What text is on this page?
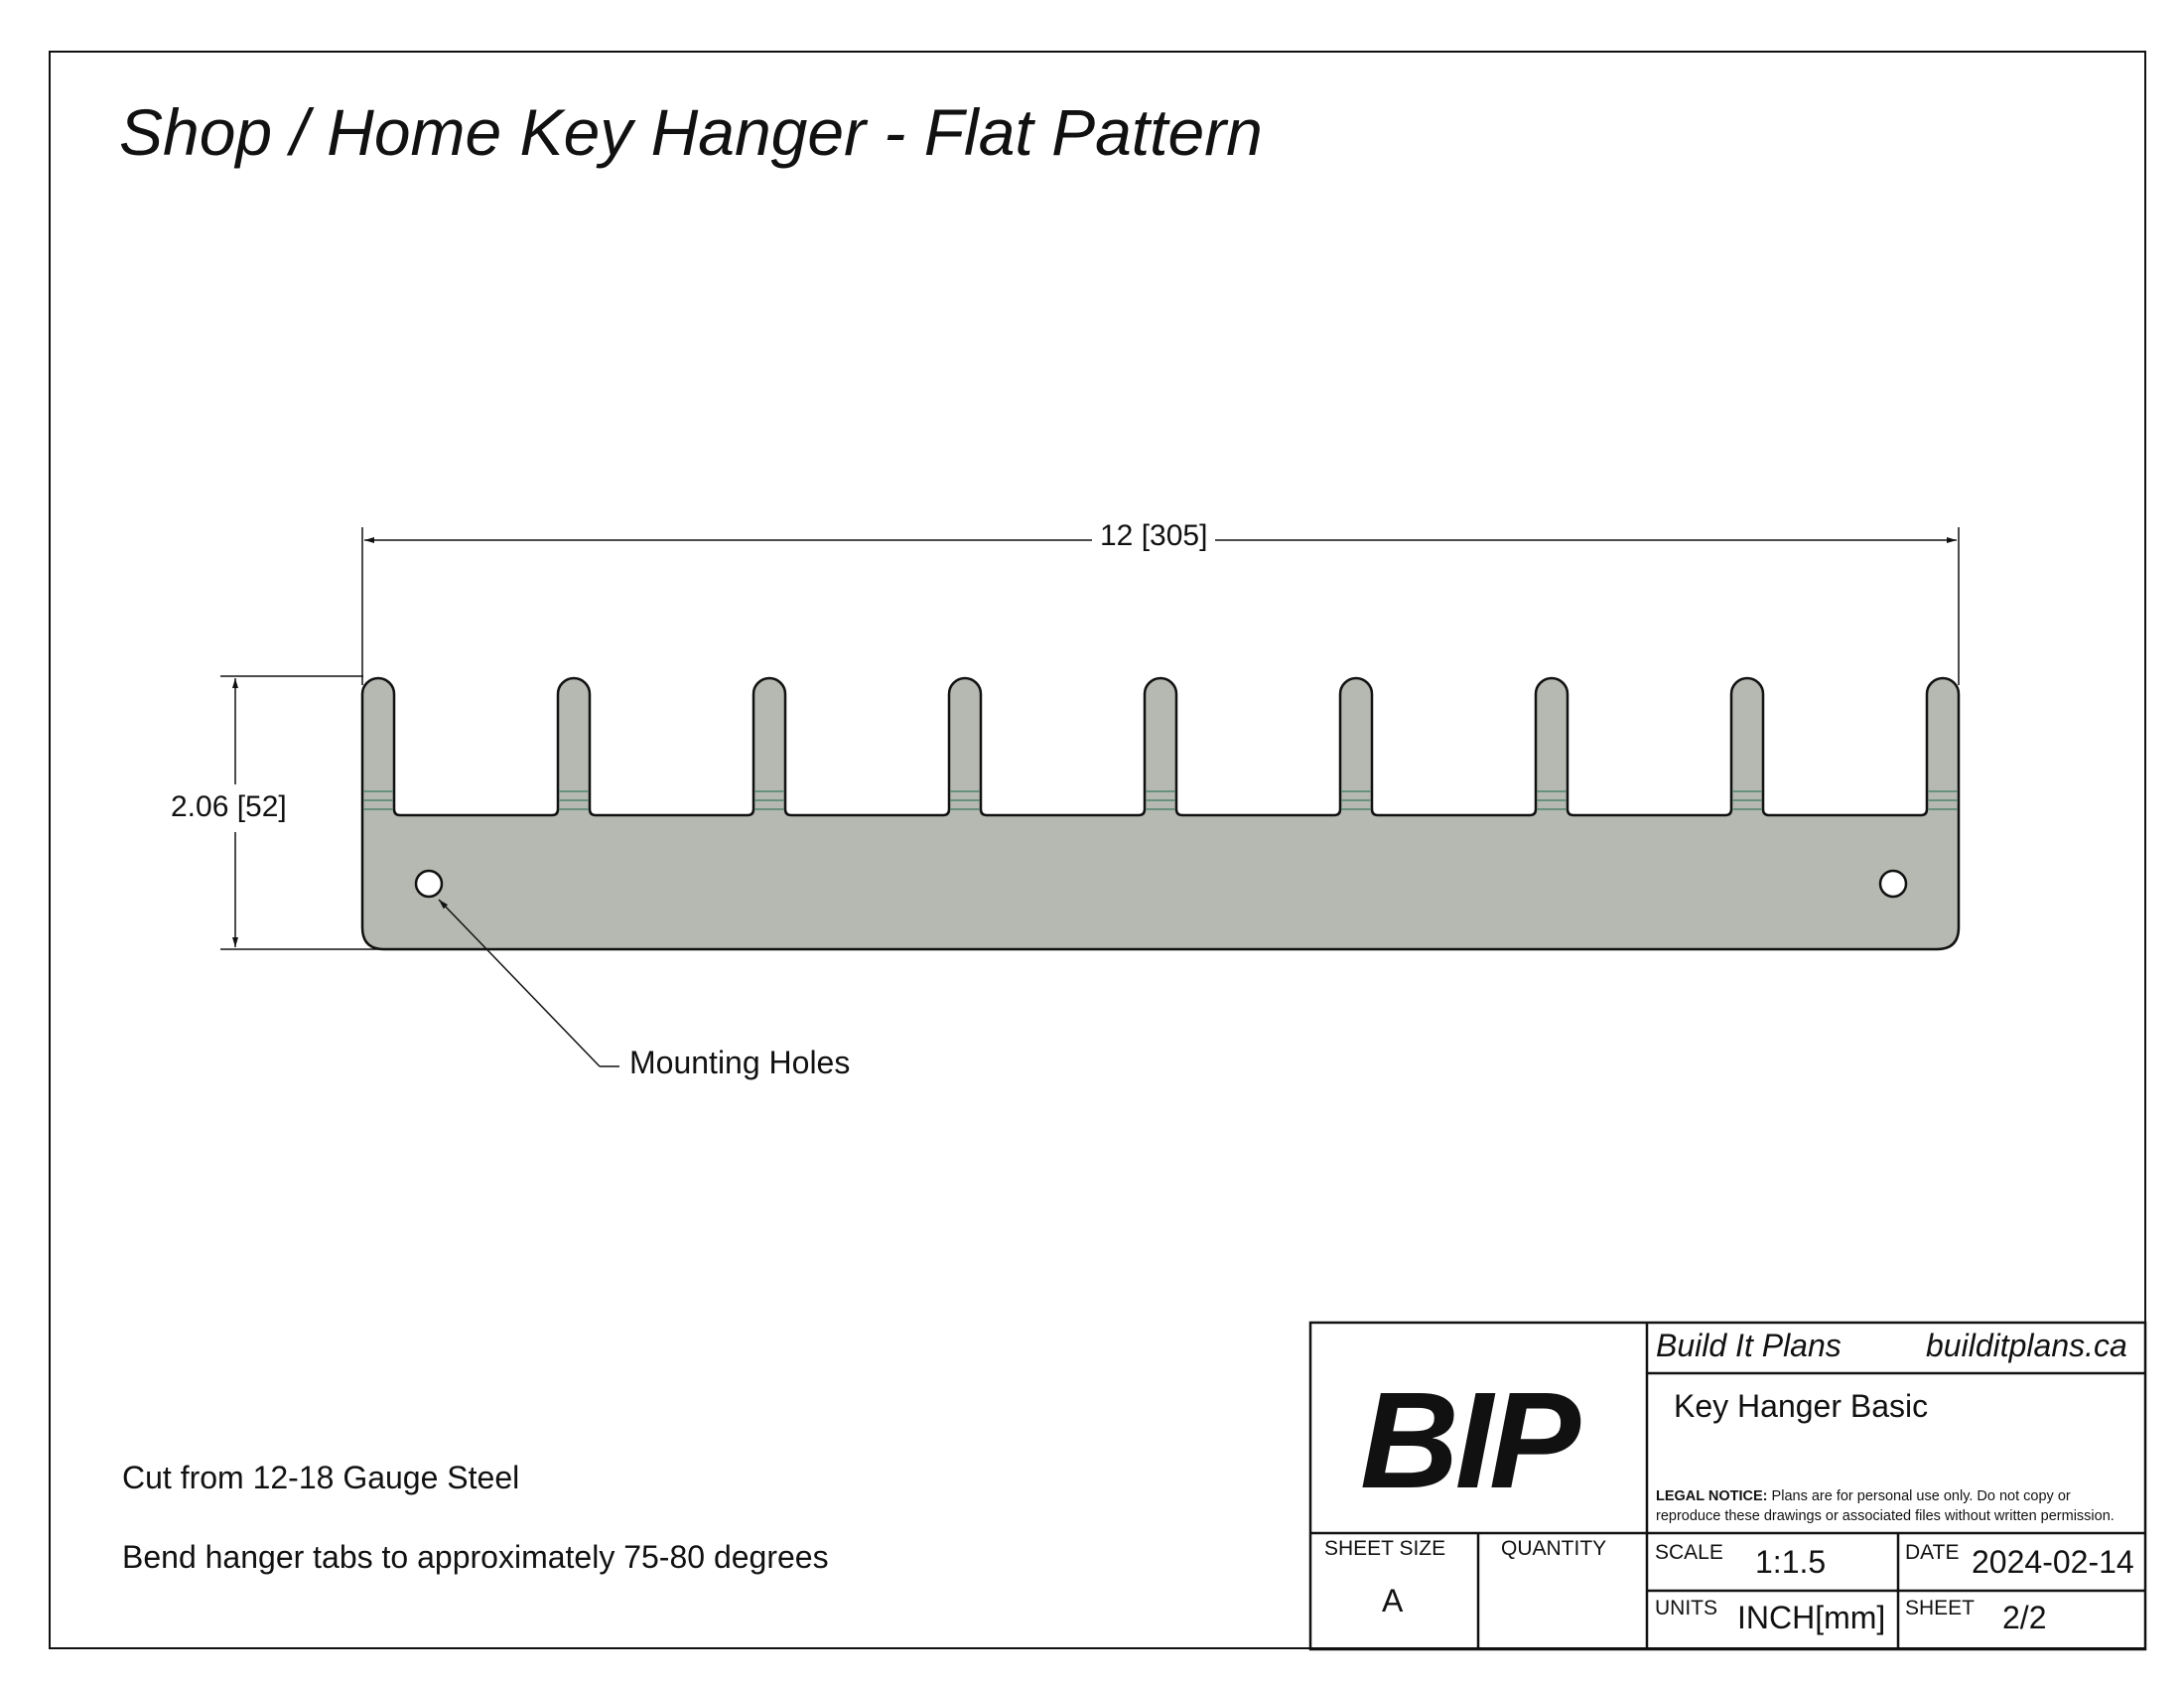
Shop / Home Key Hanger - Flat Pattern
12 [305]
2.06 [52]
Mounting Holes
Cut from 12-18 Gauge Steel
Bend hanger tabs to approximately 75-80 degrees
BIP
Build It Plans	builditplans.ca
Key Hanger Basic
LEGAL NOTICE: Plans are for personal use only. Do not copy or reproduce these drawings or associated files without written permission.
SHEET SIZE
A
QUANTITY SCALE 1:1.5	DATE 2024-02-14
UNITS INCH[mm] SHEET 2/2
